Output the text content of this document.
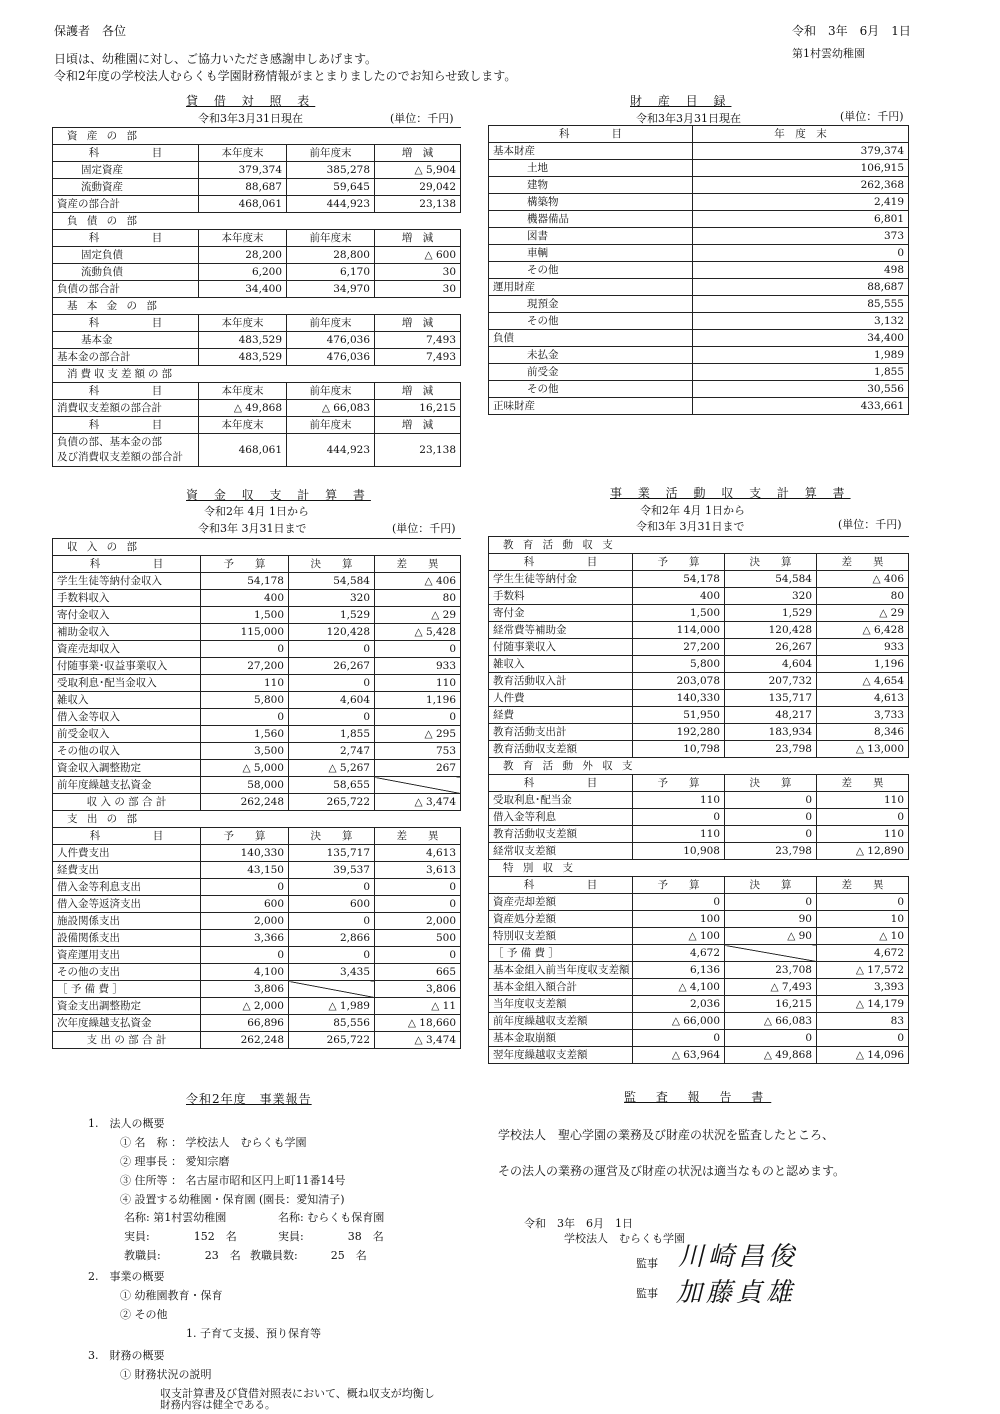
保護者　各位	令和　3年　6月　1日
第1村雲幼稚園
日頃は、幼稚園に対し、ご協力いただき感謝申しあげます。
令和2年度の学校法人むらくも学園財務情報がまとまりましたのでお知らせ致します。
貸 借 対 照 表
令和3年3月31日現在	(単位：千円)
資 産 の 部			
科　　　　　目	本年度末	前年度末	増　減
固定資産	379,374	385,278	△ 5,904
流動資産	88,687	59,645	29,042
資産の部合計	468,061	444,923	23,138
負 債 の 部			
科　　　　　目	本年度末	前年度末	増　減
固定負債	28,200	28,800	△ 600
流動負債	6,200	6,170	30
負債の部合計	34,400	34,970	30
基 本 金 の 部			
科　　　　　目	本年度末	前年度末	増　減
基本金	483,529	476,036	7,493
基本金の部合計	483,529	476,036	7,493
消費収支差額の部			
科　　　　　目	本年度末	前年度末	増　減
消費収支差額の部合計	△ 49,868	△ 66,083	16,215
科　　　　　目	本年度末	前年度末	増　減

負債の部、基本金の部
及び消費収支差額の部合計	468,061	444,923	23,138
財 産 目 録
令和3年3月31日現在	(単位：千円)
科　　　　目	年　度　末
基本財産	379,374
土地	106,915
建物	262,368
構築物	2,419
機器備品	6,801
図書	373
車輌	0
その他	498
運用財産	88,687
現預金	85,555
その他	3,132
負債	34,400
未払金	1,989
前受金	1,855
その他	30,556
正味財産	433,661
資 金 収 支 計 算 書
令和2年 4月 1日から
令和3年 3月31日まで	(単位：千円)
収 入 の 部			
科　　　　　目	予　　算	決　　算	差　　異
学生生徒等納付金収入	54,178	54,584	△ 406
手数料収入	400	320	80
寄付金収入	1,500	1,529	△ 29
補助金収入	115,000	120,428	△ 5,428
資産売却収入	0	0	0
付随事業･収益事業収入	27,200	26,267	933
受取利息･配当金収入	110	0	110
雑収入	5,800	4,604	1,196
借入金等収入	0	0	0
前受金収入	1,560	1,855	△ 295
その他の収入	3,500	2,747	753
資金収入調整勘定	△ 5,000	△ 5,267	267
前年度繰越支払資金	58,000	58,655	
収 入 の 部 合 計	262,248	265,722	△ 3,474
支 出 の 部			
科　　　　　目	予　　算	決　　算	差　　異
人件費支出	140,330	135,717	4,613
経費支出	43,150	39,537	3,613
借入金等利息支出	0	0	0
借入金等返済支出	600	600	0
施設関係支出	2,000	0	2,000
設備関係支出	3,366	2,866	500
資産運用支出	0	0	0
その他の支出	4,100	3,435	665
［ 予 備 費 ］	3,806		3,806
資金支出調整勘定	△ 2,000	△ 1,989	△ 11
次年度繰越支払資金	66,896	85,556	△ 18,660
支 出 の 部 合 計	262,248	265,722	△ 3,474
事 業 活 動 収 支 計 算 書
令和2年 4月 1日から
令和3年 3月31日まで	(単位：千円)
教 育 活 動 収 支			
科　　　　　目	予　　算	決　　算	差　　異
学生生徒等納付金	54,178	54,584	△ 406
手数料	400	320	80
寄付金	1,500	1,529	△ 29
経常費等補助金	114,000	120,428	△ 6,428
付随事業収入	27,200	26,267	933
雑収入	5,800	4,604	1,196
教育活動収入計	203,078	207,732	△ 4,654
人件費	140,330	135,717	4,613
経費	51,950	48,217	3,733
教育活動支出計	192,280	183,934	8,346
教育活動収支差額	10,798	23,798	△ 13,000
教 育 活 動 外 収 支			
科　　　　　目	予　　算	決　　算	差　　異
受取利息･配当金	110	0	110
借入金等利息	0	0	0
教育活動収支差額	110	0	110
経常収支差額	10,908	23,798	△ 12,890
特 別 収 支			
科　　　　　目	予　　算	決　　算	差　　異
資産売却差額	0	0	0
資産処分差額	100	90	10
特別収支差額	△ 100	△ 90	△ 10
［ 予 備 費 ］	4,672		4,672
基本金組入前当年度収支差額	6,136	23,708	△ 17,572
基本金組入額合計	△ 4,100	△ 7,493	3,393
当年度収支差額	2,036	16,215	△ 14,179
前年度繰越収支差額	△ 66,000	△ 66,083	83
基本金取崩額	0	0	0
翌年度繰越収支差額	△ 63,964	△ 49,868	△ 14,096
令和2年度　事業報告
1.　法人の概要
① 名　称 ： 学校法人　むらくも学園
② 理事長 ： 愛知宗磨
③ 住所等 ： 名古屋市昭和区円上町11番14号
④ 設置する幼稚園・保育園 (園長：愛知清子)
名称: 第1村雲幼稚園	名称: むらくも保育園
実員:　　　　152　名	実員:　　　　38　名
教職員:　　　　23　名 教職員数:　　　25　名
2.　事業の概要
① 幼稚園教育・保育
② その他
1. 子育て支援、預り保育等
3.　財務の概要
① 財務状況の説明
収支計算書及び貸借対照表において、概ね収支が均衡し
財務内容は健全である。
監 査 報 告 書
学校法人　聖心学園の業務及び財産の状況を監査したところ、
その法人の業務の運営及び財産の状況は適当なものと認めます。
令和　3年　6月　1日
学校法人　むらくも学園
監事 川崎昌俊
監事 加藤貞雄
